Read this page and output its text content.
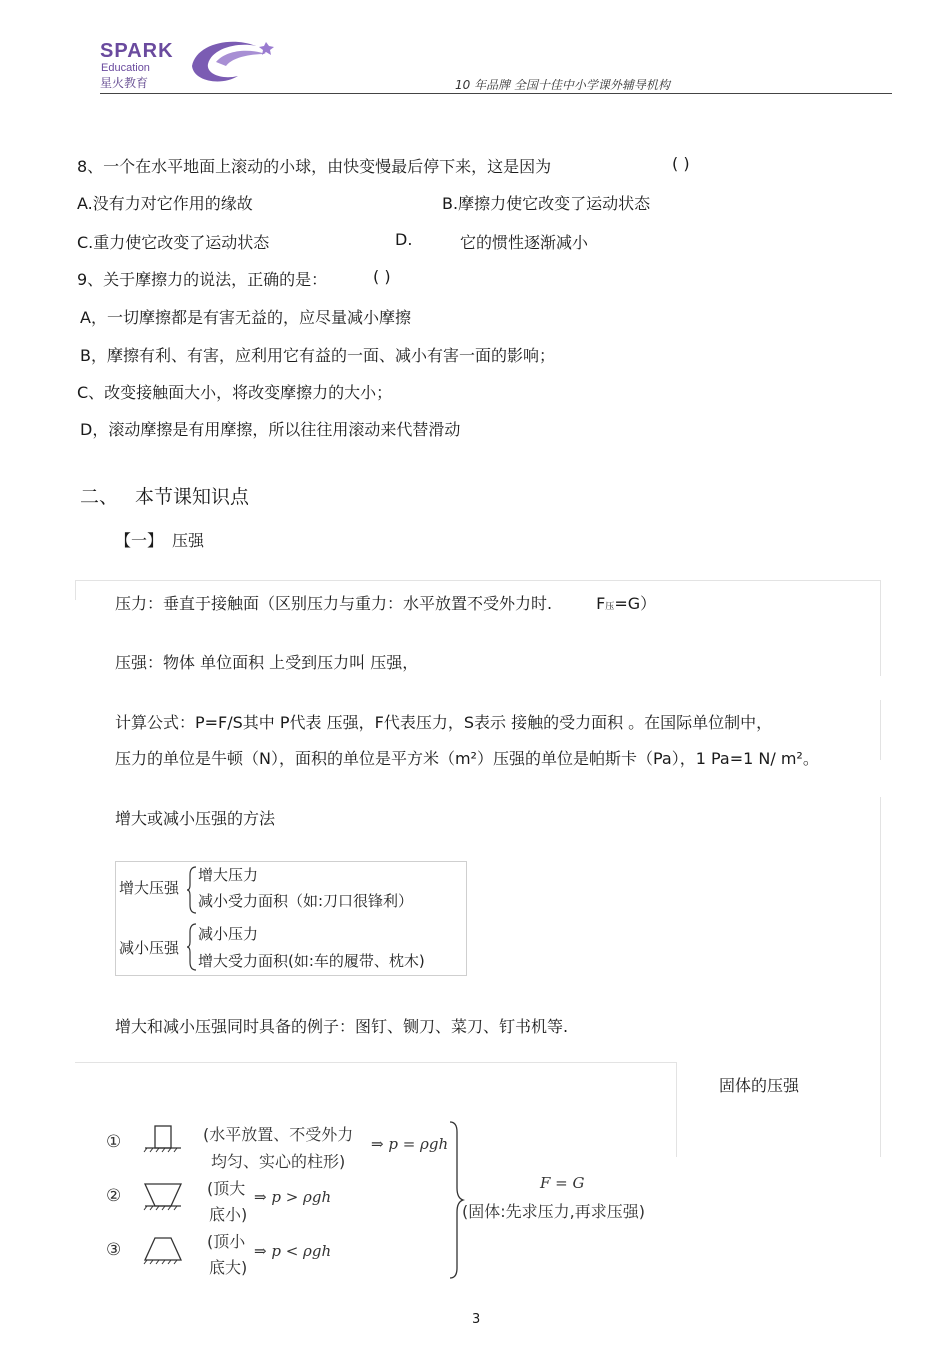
SPARK
Education
星火教育	10 年品牌 全国十佳中小学课外辅导机构
8、一个在水平地面上滚动的小球，由快变慢最后停下来，这是因为	( )
A.没有力对它作用的缘故	B.摩擦力使它改变了运动状态
C.重力使它改变了运动状态	D.	它的惯性逐渐减小
9、关于摩擦力的说法，正确的是：	( )
A，一切摩擦都是有害无益的，应尽量减小摩擦
B，摩擦有利、有害，应利用它有益的一面、减小有害一面的影响；
C、改变接触面大小，将改变摩擦力的大小；
D，滚动摩擦是有用摩擦，所以往往用滚动来代替滑动
二、 本节课知识点
【一】 压强
压力：垂直于接触面（区别压力与重力：水平放置不受外力时.	F压=G）
压强：物体 单位面积 上受到压力叫 压强，
计算公式：P=F/S其中 P代表 压强，F代表压力，S表示 接触的受力面积 。在国际单位制中，
压力的单位是牛顿（N），面积的单位是平方米（m²）压强的单位是帕斯卡（Pa），1 Pa=1 N/ m²。
增大或减小压强的方法
增大压强
增大压力
减小受力面积（如:刀口很锋利）
减小压强
减小压力
增大受力面积(如:车的履带、枕木)
增大和减小压强同时具备的例子：图钉、铡刀、菜刀、钉书机等.
固体的压强
①	(水平放置、不受外力
均匀、实心的柱形)
⇒ p = ρgh
②	(顶大
底小)
⇒ p > ρgh
③	(顶小
底大)
⇒ p < ρgh
F = G
(固体:先求压力,再求压强)
3
